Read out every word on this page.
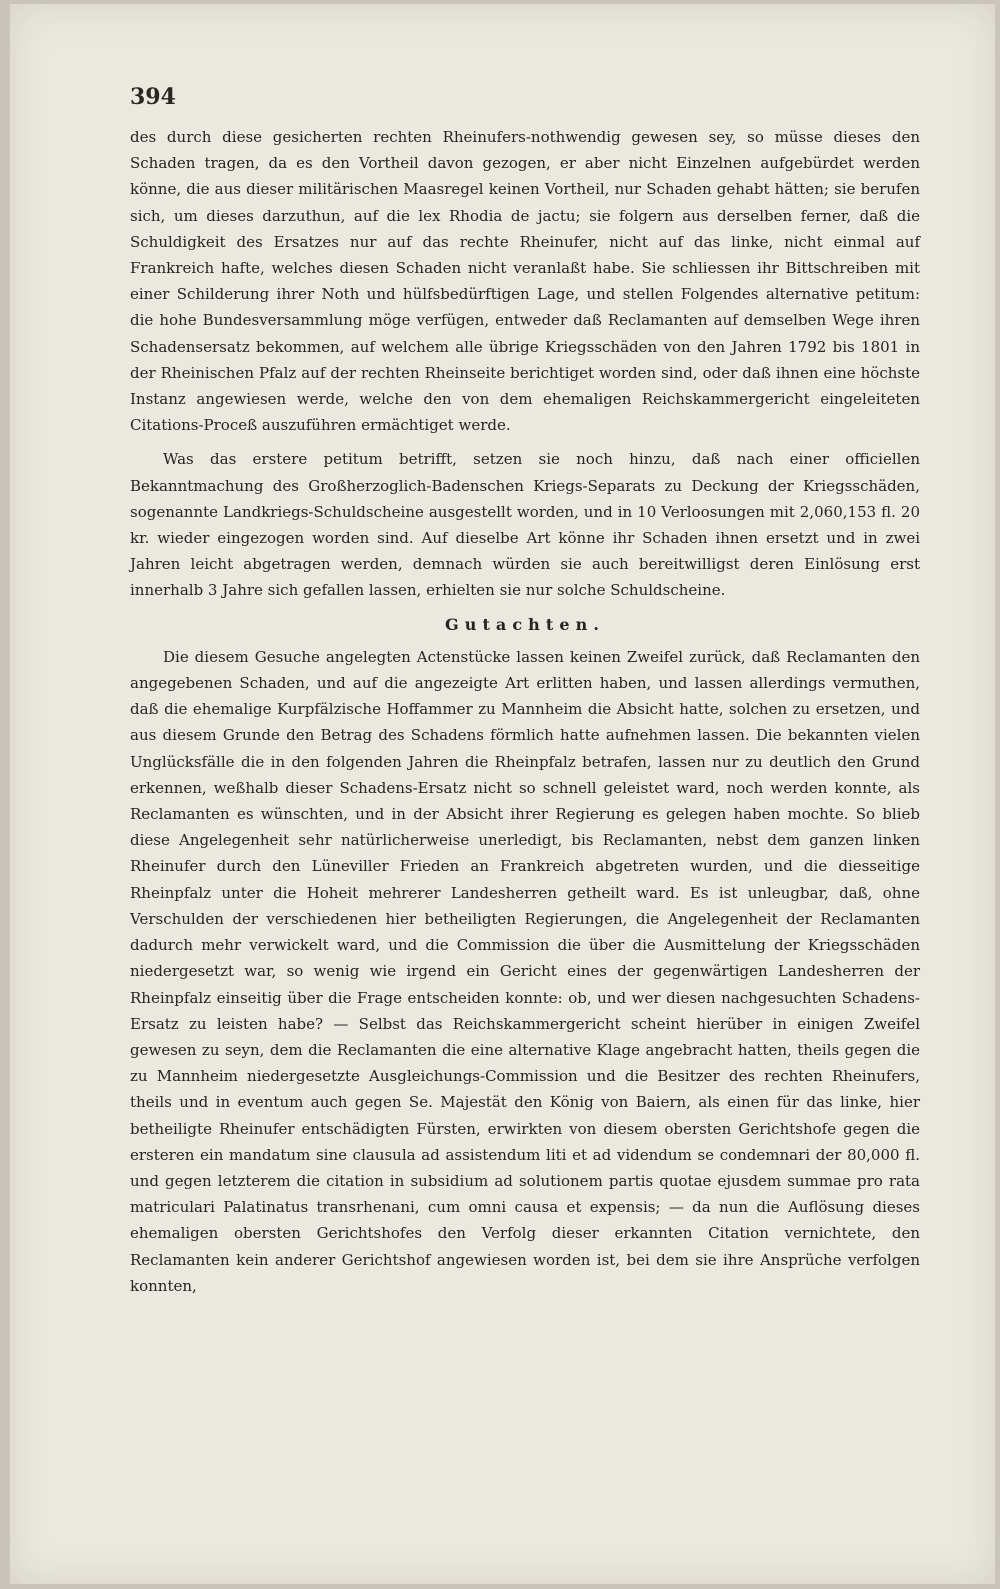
394

des durch diese gesicherten rechten Rheinufers-nothwendig gewesen sey, so müsse dieses den Schaden tragen, da es den Vortheil davon gezogen, er aber nicht Einzelnen aufgebürdet werden könne, die aus dieser militärischen Maasregel keinen Vortheil, nur Schaden gehabt hätten; sie berufen sich, um dieses darzuthun, auf die lex Rhodia de jactu; sie folgern aus derselben ferner, daß die Schuldigkeit des Ersatzes nur auf das rechte Rheinufer, nicht auf das linke, nicht einmal auf Frankreich hafte, welches diesen Schaden nicht veranlaßt habe. Sie schliessen ihr Bittschreiben mit einer Schilderung ihrer Noth und hülfsbedürftigen Lage, und stellen Folgendes alternative petitum: die hohe Bundesversammlung möge verfügen, entweder daß Reclamanten auf demselben Wege ihren Schadensersatz bekommen, auf welchem alle übrige Kriegsschäden von den Jahren 1792 bis 1801 in der Rheinischen Pfalz auf der rechten Rheinseite berichtiget worden sind, oder daß ihnen eine höchste Instanz angewiesen werde, welche den von dem ehemaligen Reichskammergericht eingeleiteten Citations-Proceß auszuführen ermächtiget werde.

Was das erstere petitum betrifft, setzen sie noch hinzu, daß nach einer officiellen Bekanntmachung des Großherzoglich-Badenschen Kriegs-Separats zu Deckung der Kriegsschäden, sogenannte Landkriegs-Schuldscheine ausgestellt worden, und in 10 Verloosungen mit 2,060,153 fl. 20 kr. wieder eingezogen worden sind. Auf dieselbe Art könne ihr Schaden ihnen ersetzt und in zwei Jahren leicht abgetragen werden, demnach würden sie auch bereitwilligst deren Einlösung erst innerhalb 3 Jahre sich gefallen lassen, erhielten sie nur solche Schuldscheine.

Gutachten.

Die diesem Gesuche angelegten Actenstücke lassen keinen Zweifel zurück, daß Reclamanten den angegebenen Schaden, und auf die angezeigte Art erlitten haben, und lassen allerdings vermuthen, daß die ehemalige Kurpfälzische Hoffammer zu Mannheim die Absicht hatte, solchen zu ersetzen, und aus diesem Grunde den Betrag des Schadens förmlich hatte aufnehmen lassen. Die bekannten vielen Unglücksfälle die in den folgenden Jahren die Rheinpfalz betrafen, lassen nur zu deutlich den Grund erkennen, weßhalb dieser Schadens-Ersatz nicht so schnell geleistet ward, noch werden konnte, als Reclamanten es wünschten, und in der Absicht ihrer Regierung es gelegen haben mochte. So blieb diese Angelegenheit sehr natürlicherweise unerledigt, bis Reclamanten, nebst dem ganzen linken Rheinufer durch den Lüneviller Frieden an Frankreich abgetreten wurden, und die diesseitige Rheinpfalz unter die Hoheit mehrerer Landesherren getheilt ward. Es ist unleugbar, daß, ohne Verschulden der verschiedenen hier betheiligten Regierungen, die Angelegenheit der Reclamanten dadurch mehr verwickelt ward, und die Commission die über die Ausmittelung der Kriegsschäden niedergesetzt war, so wenig wie irgend ein Gericht eines der gegenwärtigen Landesherren der Rheinpfalz einseitig über die Frage entscheiden konnte: ob, und wer diesen nachgesuchten Schadens-Ersatz zu leisten habe? — Selbst das Reichskammergericht scheint hierüber in einigen Zweifel gewesen zu seyn, dem die Reclamanten die eine alternative Klage angebracht hatten, theils gegen die zu Mannheim niedergesetzte Ausgleichungs-Commission und die Besitzer des rechten Rheinufers, theils und in eventum auch gegen Se. Majestät den König von Baiern, als einen für das linke, hier betheiligte Rheinufer entschädigten Fürsten, erwirkten von diesem obersten Gerichtshofe gegen die ersteren ein mandatum sine clausula ad assistendum liti et ad videndum se condemnari der 80,000 fl. und gegen letzterem die citation in subsidium ad solutionem partis quotae ejusdem summae pro rata matriculari Palatinatus transrhenani, cum omni causa et expensis; — da nun die Auflösung dieses ehemaligen obersten Gerichtshofes den Verfolg dieser erkannten Citation vernichtete, den Reclamanten kein anderer Gerichtshof angewiesen worden ist, bei dem sie ihre Ansprüche verfolgen konnten,
